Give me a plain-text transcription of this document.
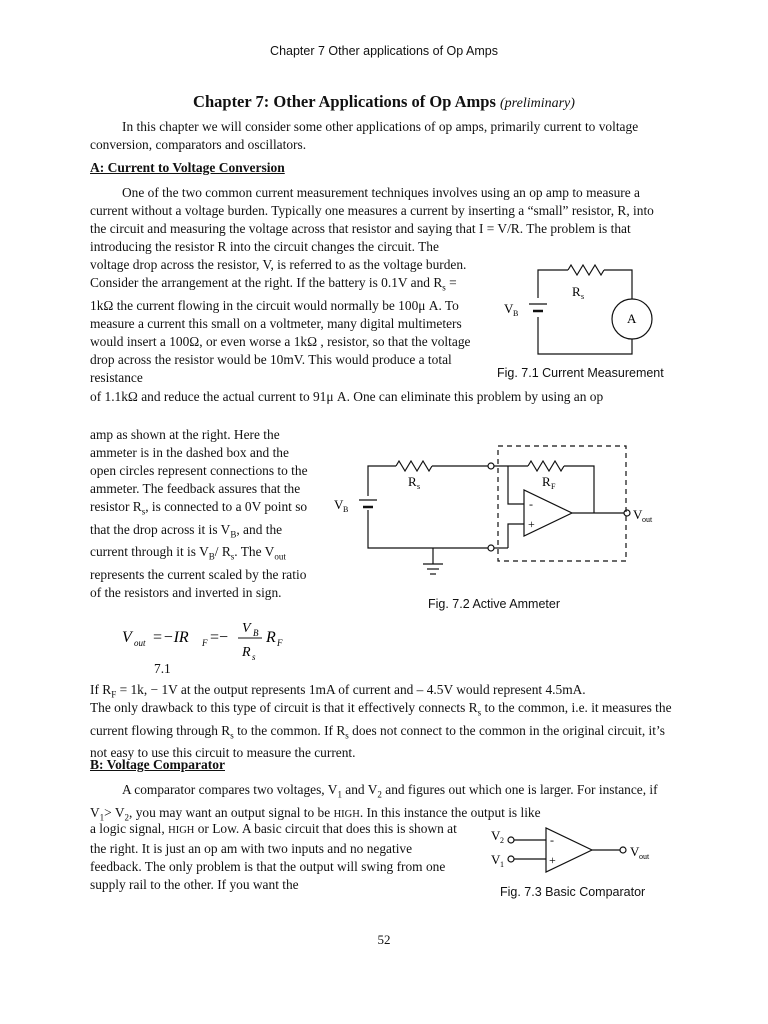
Chapter 7 Other applications of Op Amps
Chapter 7: Other Applications of Op Amps (preliminary)
In this chapter we will consider some other applications of op amps, primarily current to voltage conversion, comparators and oscillators.
A: Current to Voltage Conversion
One of the two common current measurement techniques involves using an op amp to measure a current without a voltage burden. Typically one measures a current by inserting a “small” resistor, R, into the circuit and measuring the voltage across that resistor and saying that I = V/R. The problem is that introducing the resistor R into the circuit changes the circuit. The
voltage drop across the resistor, V, is referred to as the voltage burden. Consider the arrangement at the right. If the battery is 0.1V and $R_s = 1k\Omega$ the current flowing in the circuit would normally be 100μ A. To measure a current this small on a voltmeter, many digital multimeters would insert a 100Ω, or even worse a 1kΩ , resistor, so that the voltage drop across the resistor would be 10mV. This would produce a total resistance
of 1.1kΩ and reduce the actual current to 91μ A. One can eliminate this problem by using an op
amp as shown at the right. Here the ammeter is in the dashed box and the open circles represent connections to the ammeter. The feedback assures that the resistor $R_s$, is connected to a 0V point so that the drop across it is $V_B$, and the current through it is $V_B/$ $R_s$. The $V_{out}$ represents the current scaled by the ratio of the resistors and inverted in sign.
V out =−IR F =−
V B
R s
R F
7.1
If $R_F = 1k$, − 1V at the output represents 1mA of current and – 4.5V would represent 4.5mA.
The only drawback to this type of circuit is that it effectively connects $R_s$ to the common, i.e. it measures the current flowing through $R_s$ to the common. If $R_s$ does not connect to the common in the original circuit, it’s not easy to use this circuit to measure the current.
B: Voltage Comparator
A comparator compares two voltages, $V_1$ and $V_2$ and figures out which one is larger. For instance, if $V_1> V_2$, you may want an output signal to be HIGH. In this instance the output is like
a logic signal, HIGH or Low. A basic circuit that does this is shown at the right. It is just an op am with two inputs and no negative feedback. The only problem is that the output will swing from one supply rail to the other. If you want the
R s
V B	A
Fig. 7.1 Current Measurement
R s	R F
V B	-
+
V out
Fig. 7.2 Active Ammeter
V 2
V 1
-
+
V out
Fig. 7.3 Basic Comparator
52
